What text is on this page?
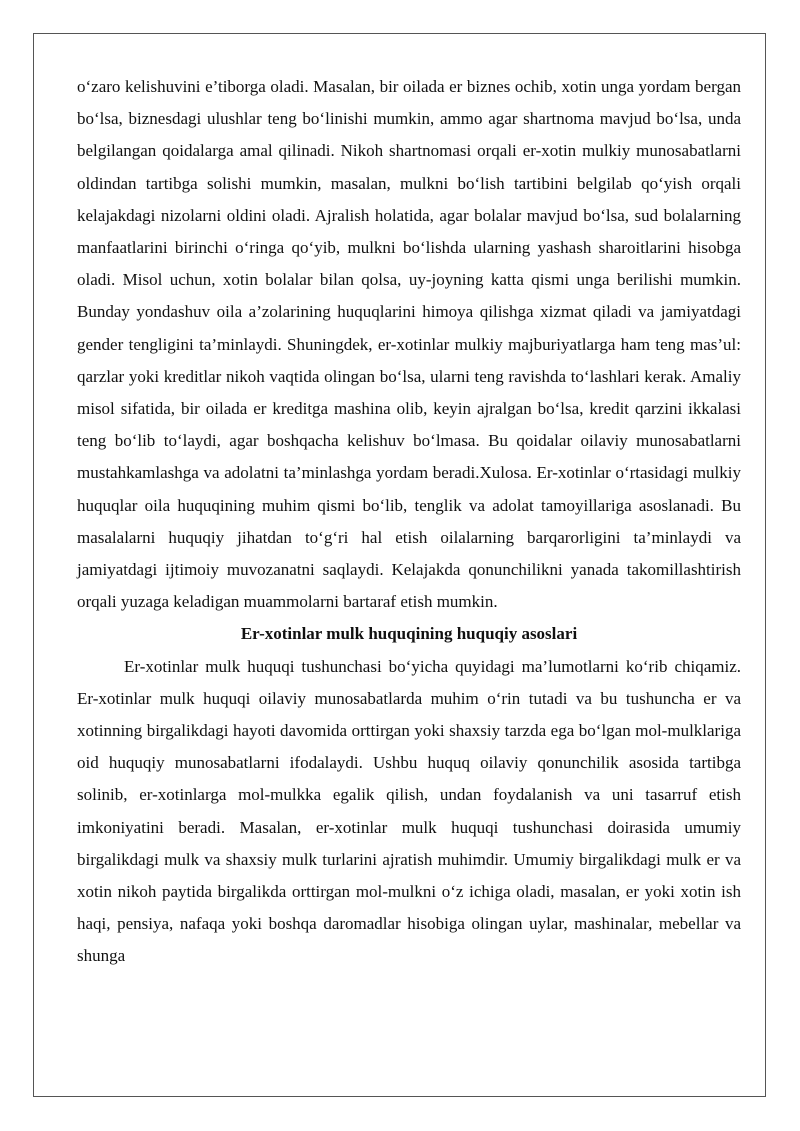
o‘zaro kelishuvini e’tiborga oladi. Masalan, bir oilada er biznes ochib, xotin unga yordam bergan bo‘lsa, biznesdagi ulushlar teng bo‘linishi mumkin, ammo agar shartnoma mavjud bo‘lsa, unda belgilangan qoidalarga amal qilinadi. Nikoh shartnomasi orqali er-xotin mulkiy munosabatlarni oldindan tartibga solishi mumkin, masalan, mulkni bo‘lish tartibini belgilab qo‘yish orqali kelajakdagi nizolarni oldini oladi. Ajralish holatida, agar bolalar mavjud bo‘lsa, sud bolalarning manfaatlarini birinchi o‘ringa qo‘yib, mulkni bo‘lishda ularning yashash sharoitlarini hisobga oladi. Misol uchun, xotin bolalar bilan qolsa, uy-joyning katta qismi unga berilishi mumkin. Bunday yondashuv oila a’zolarining huquqlarini himoya qilishga xizmat qiladi va jamiyatdagi gender tengligini ta’minlaydi. Shuningdek, er-xotinlar mulkiy majburiyatlarga ham teng mas’ul: qarzlar yoki kreditlar nikoh vaqtida olingan bo‘lsa, ularni teng ravishda to‘lashlari kerak. Amaliy misol sifatida, bir oilada er kreditga mashina olib, keyin ajralgan bo‘lsa, kredit qarzini ikkalasi teng bo‘lib to‘laydi, agar boshqacha kelishuv bo‘lmasa. Bu qoidalar oilaviy munosabatlarni mustahkamlashga va adolatni ta’minlashga yordam beradi.Xulosa. Er-xotinlar o‘rtasidagi mulkiy huquqlar oila huquqining muhim qismi bo‘lib, tenglik va adolat tamoyillariga asoslanadi. Bu masalalarni huquqiy jihatdan to‘g‘ri hal etish oilalarning barqarorligini ta’minlaydi va jamiyatdagi ijtimoiy muvozanatni saqlaydi. Kelajakda qonunchilikni yanada takomillashtirish orqali yuzaga keladigan muammolarni bartaraf etish mumkin.

Er-xotinlar mulk huquqining huquqiy asoslari

Er-xotinlar mulk huquqi tushunchasi bo‘yicha quyidagi ma’lumotlarni ko‘rib chiqamiz. Er-xotinlar mulk huquqi oilaviy munosabatlarda muhim o‘rin tutadi va bu tushuncha er va xotinning birgalikdagi hayoti davomida orttirgan yoki shaxsiy tarzda ega bo‘lgan mol-mulklariga oid huquqiy munosabatlarni ifodalaydi. Ushbu huquq oilaviy qonunchilik asosida tartibga solinib, er-xotinlarga mol-mulkka egalik qilish, undan foydalanish va uni tasarruf etish imkoniyatini beradi. Masalan, er-xotinlar mulk huquqi tushunchasi doirasida umumiy birgalikdagi mulk va shaxsiy mulk turlarini ajratish muhimdir. Umumiy birgalikdagi mulk er va xotin nikoh paytida birgalikda orttirgan mol-mulkni o‘z ichiga oladi, masalan, er yoki xotin ish haqi, pensiya, nafaqa yoki boshqa daromadlar hisobiga olingan uylar, mashinalar, mebellar va shunga
